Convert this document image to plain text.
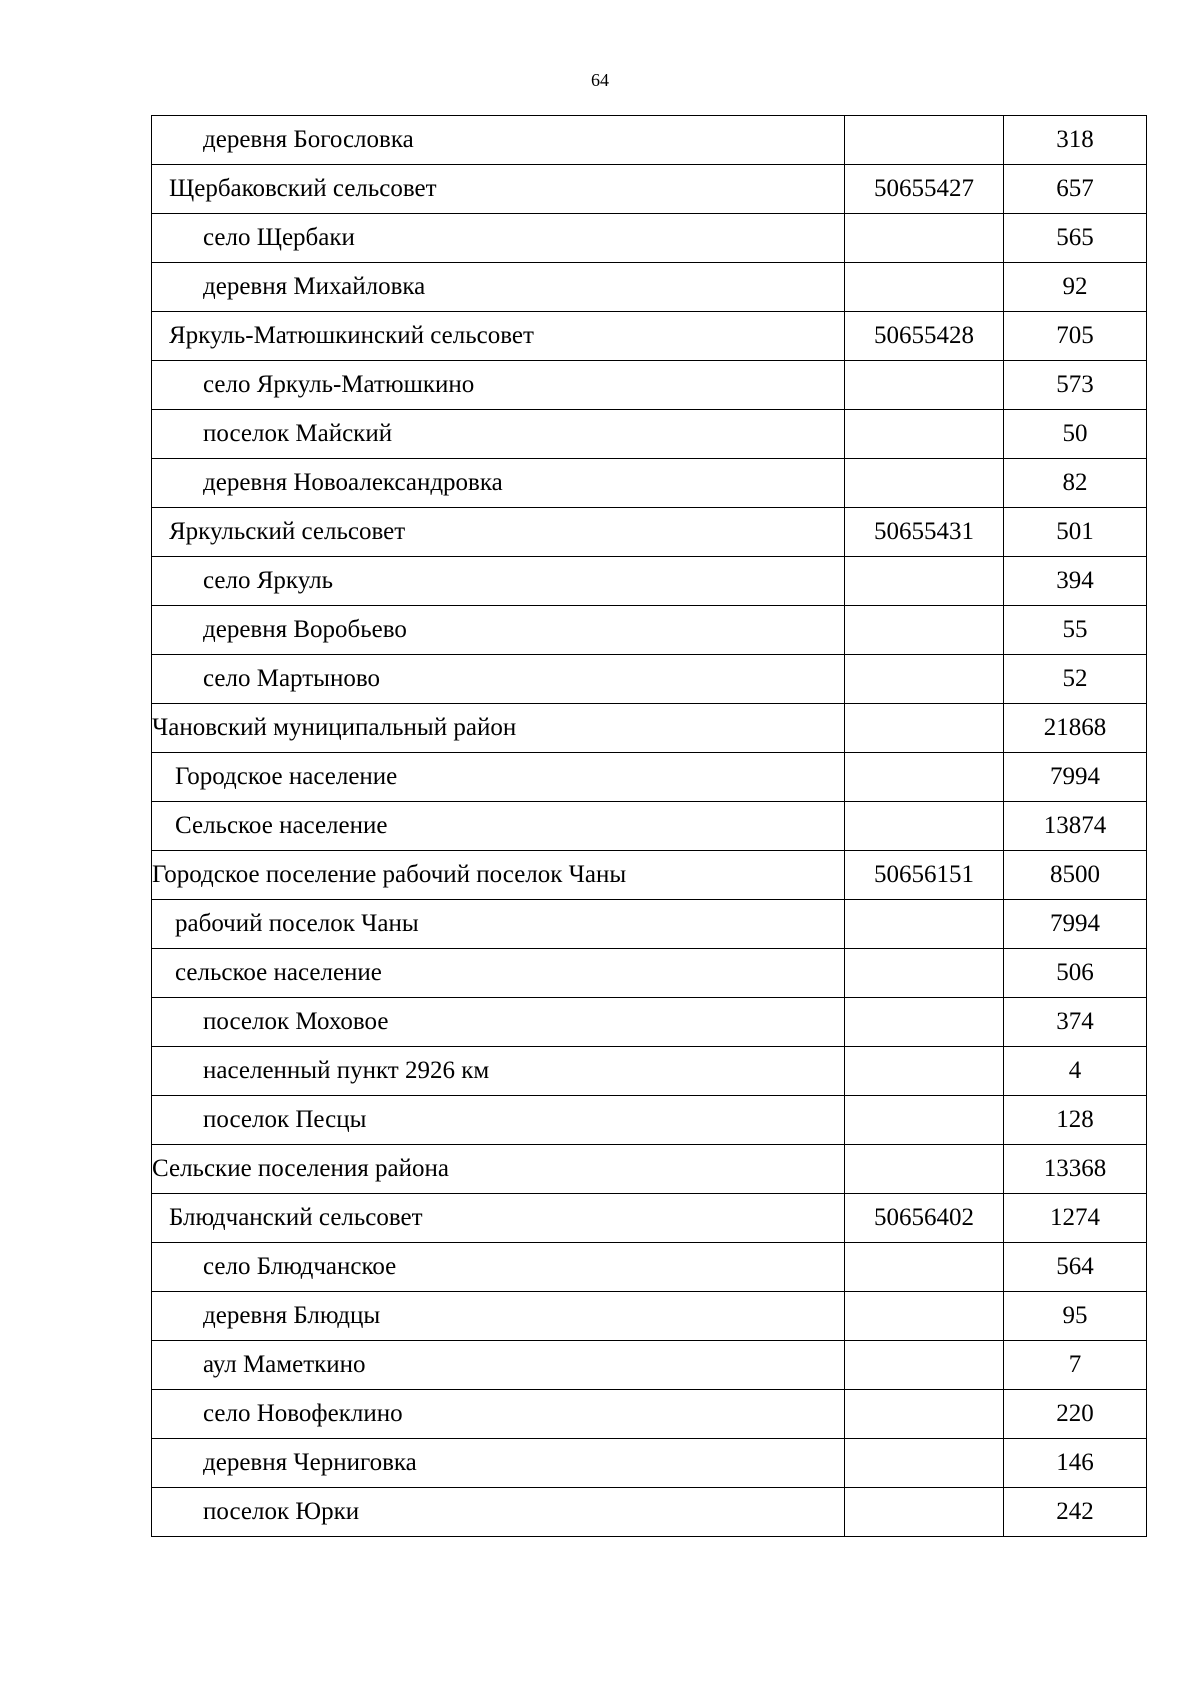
64
деревня Богословка		318
Щербаковский сельсовет	50655427	657
село Щербаки		565
деревня Михайловка		92
Яркуль-Матюшкинский сельсовет	50655428	705
село Яркуль-Матюшкино		573
поселок Майский		50
деревня Новоалександровка		82
Яркульский сельсовет	50655431	501
село Яркуль		394
деревня Воробьево		55
село Мартыново		52
Чановский муниципальный район		21868
Городское население		7994
Сельское население		13874
Городское поселение рабочий поселок Чаны	50656151	8500
рабочий поселок Чаны		7994
сельское население		506
поселок Моховое		374
населенный пункт 2926 км		4
поселок Песцы		128
Сельские поселения района		13368
Блюдчанский сельсовет	50656402	1274
село Блюдчанское		564
деревня Блюдцы		95
аул Маметкино		7
село Новофеклино		220
деревня Черниговка		146
поселок Юрки		242
